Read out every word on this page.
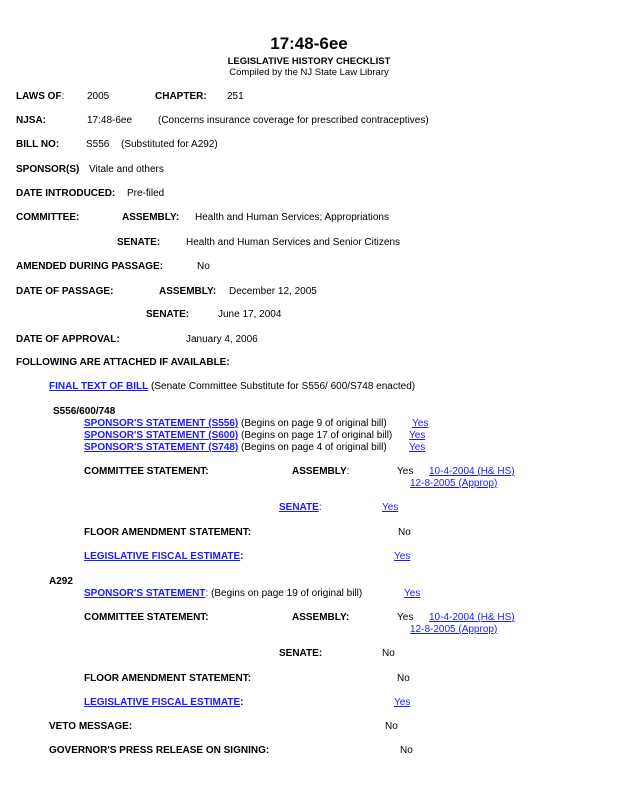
17:48-6ee
LEGISLATIVE HISTORY CHECKLIST
Compiled by the NJ State Law Library
LAWS OF: 2005	CHAPTER: 251
NJSA:	17:48-6ee	(Concerns insurance coverage for prescribed contraceptives)
BILL NO:	S556 (Substituted for A292)
SPONSOR(S) Vitale and others
DATE INTRODUCED: Pre-filed
COMMITTEE:	ASSEMBLY: Health and Human Services; Appropriations
SENATE:	Health and Human Services and Senior Citizens
AMENDED DURING PASSAGE:	No
DATE OF PASSAGE:	ASSEMBLY: December 12, 2005
SENATE:	June 17, 2004
DATE OF APPROVAL:	January 4, 2006
FOLLOWING ARE ATTACHED IF AVAILABLE:
FINAL TEXT OF BILL (Senate Committee Substitute for S556/ 600/S748 enacted)
S556/600/748
SPONSOR'S STATEMENT (S556) (Begins on page 9 of original bill)	Yes
SPONSOR'S STATEMENT (S600) (Begins on page 17 of original bill) Yes
SPONSOR'S STATEMENT (S748) (Begins on page 4 of original bill) Yes
COMMITTEE STATEMENT:	ASSEMBLY:	Yes 10-4-2004 (H& HS)
12-8-2005 (Approp)
SENATE:	Yes
FLOOR AMENDMENT STATEMENT:	No
LEGISLATIVE FISCAL ESTIMATE:	Yes
A292
SPONSOR'S STATEMENT: (Begins on page 19 of original bill)	Yes
COMMITTEE STATEMENT:	ASSEMBLY:	Yes 10-4-2004 (H& HS)
12-8-2005 (Approp)
SENATE:	No
FLOOR AMENDMENT STATEMENT:	No
LEGISLATIVE FISCAL ESTIMATE:	Yes
VETO MESSAGE:	No
GOVERNOR'S PRESS RELEASE ON SIGNING:	No
